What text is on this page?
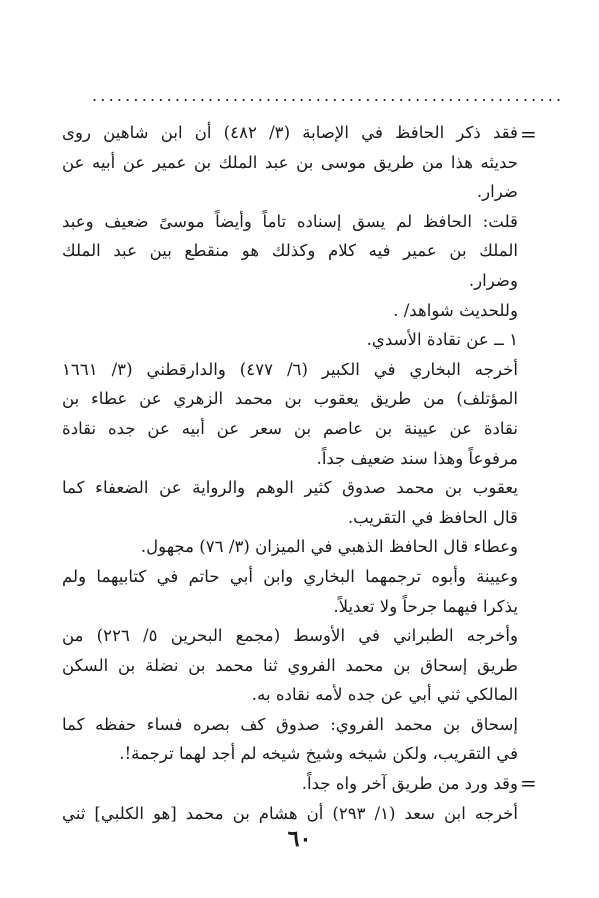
.........................................................
=
فقد ذكر الحافظ في الإصابة (٣/ ٤٨٢) أن ابن شاهين روى
حديثه هذا من طريق موسى بن عبد الملك بن عمير عن أبيه عن
ضرار.
قلت: الحافظ لم يسق إسناده تاماً وأيضاً موسىً ضعيف وعبد
الملك بن عمير فيه كلام وكذلك هو منقطع بين عبد الملك
وضرار.
وللحديث شواهد/ .
١ ــ عن نقادة الأسدي.
أخرجه البخاري في الكبير (٦/ ٤٧٧) والدارقطني (٣/ ١٦٦١
المؤتلف) من طريق يعقوب بن محمد الزهري عن عطاء بن
نقادة عن عيينة بن عاصم بن سعر عن أبيه عن جده نقادة
مرفوعاً وهذا سند ضعيف جداً.
يعقوب بن محمد صدوق كثير الوهم والرواية عن الضعفاء كما
قال الحافظ في التقريب.
وعطاء قال الحافظ الذهبي في الميزان (٣/ ٧٦) مجهول.
وعيينة وأبوه ترجمهما البخاري وابن أبي حاتم في كتابيهما ولم
يذكرا فيهما جرحاً ولا تعديلاً.
وأخرجه الطبراني في الأوسط (مجمع البحرين ٥/ ٢٢٦) من
طريق إسحاق بن محمد الفروي ثنا محمد بن نضلة بن السكن
المالكي ثني أبي عن جده لأمه نقاده به.
إسحاق بن محمد الفروي: صدوق كف بصره فساء حفظه كما
في التقريب، ولكن شيخه وشيخ شيخه لم أجد لهما ترجمة!.
وقد ورد من طريق آخر واه جداً.
أخرجه ابن سعد (١/ ٢٩٣) أن هشام بن محمد [هو الكلبي] ثني
=
٦٠
